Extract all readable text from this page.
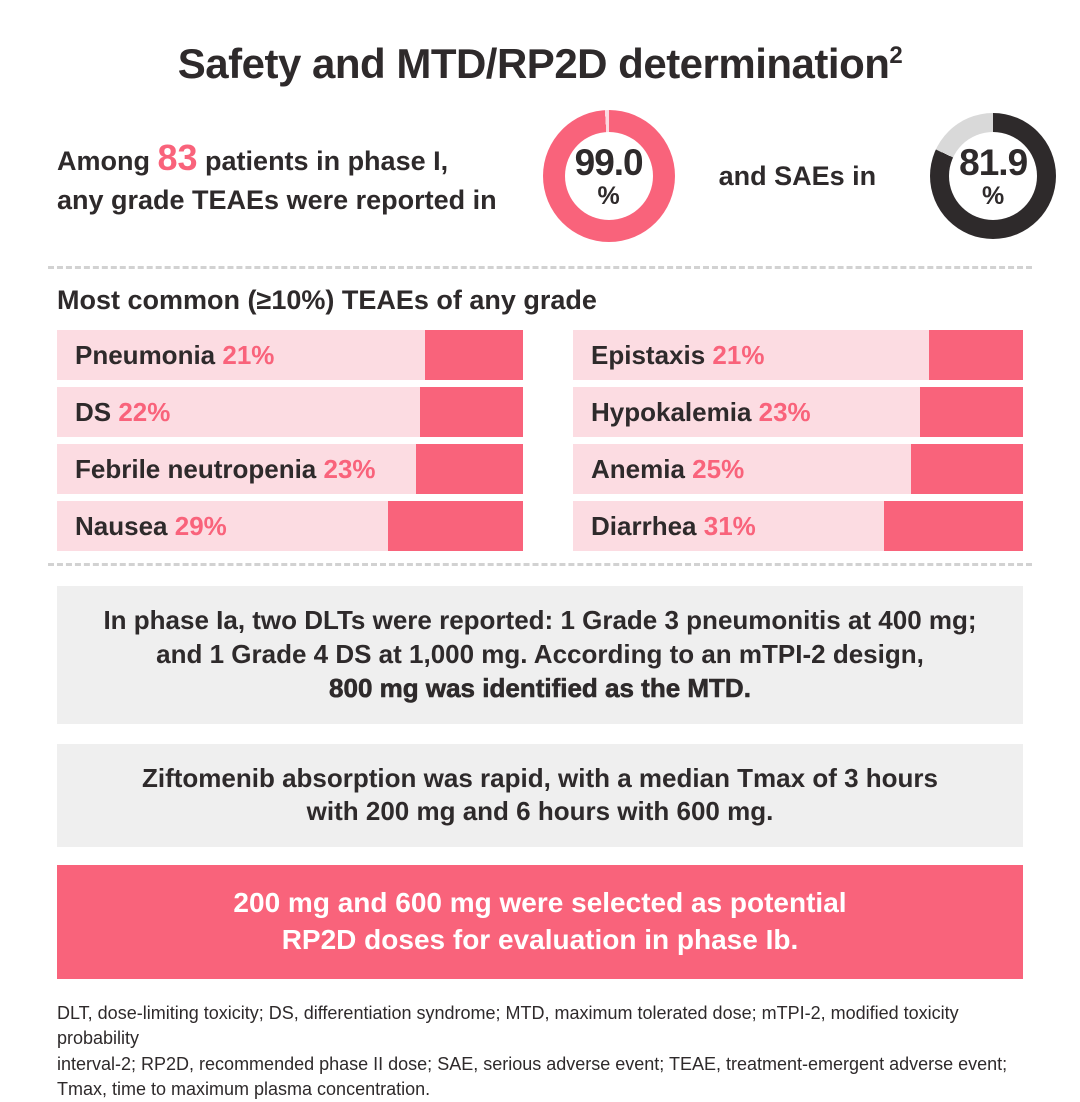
Safety and MTD/RP2D determination$^2$
Among 83 patients in phase I,
any grade TEAEs were reported in
99.0
%
and SAEs in 81.9
%
Most common (≥10%) TEAEs of any grade
Pneumonia 21%	Epistaxis 21%
DS 22%	Hypokalemia 23%
Febrile neutropenia 23%	Anemia 25%
Nausea 29%	Diarrhea 31%
In phase Ia, two DLTs were reported: 1 Grade 3 pneumonitis at 400 mg;
and 1 Grade 4 DS at 1,000 mg. According to an mTPI-2 design,
800 mg was identified as the MTD.
Ziftomenib absorption was rapid, with a median Tmax of 3 hours
with 200 mg and 6 hours with 600 mg.
200 mg and 600 mg were selected as potential
RP2D doses for evaluation in phase Ib.
DLT, dose-limiting toxicity; DS, differentiation syndrome; MTD, maximum tolerated dose; mTPI-2, modified toxicity probability
interval-2; RP2D, recommended phase II dose; SAE, serious adverse event; TEAE, treatment-emergent adverse event;
Tmax, time to maximum plasma concentration.
